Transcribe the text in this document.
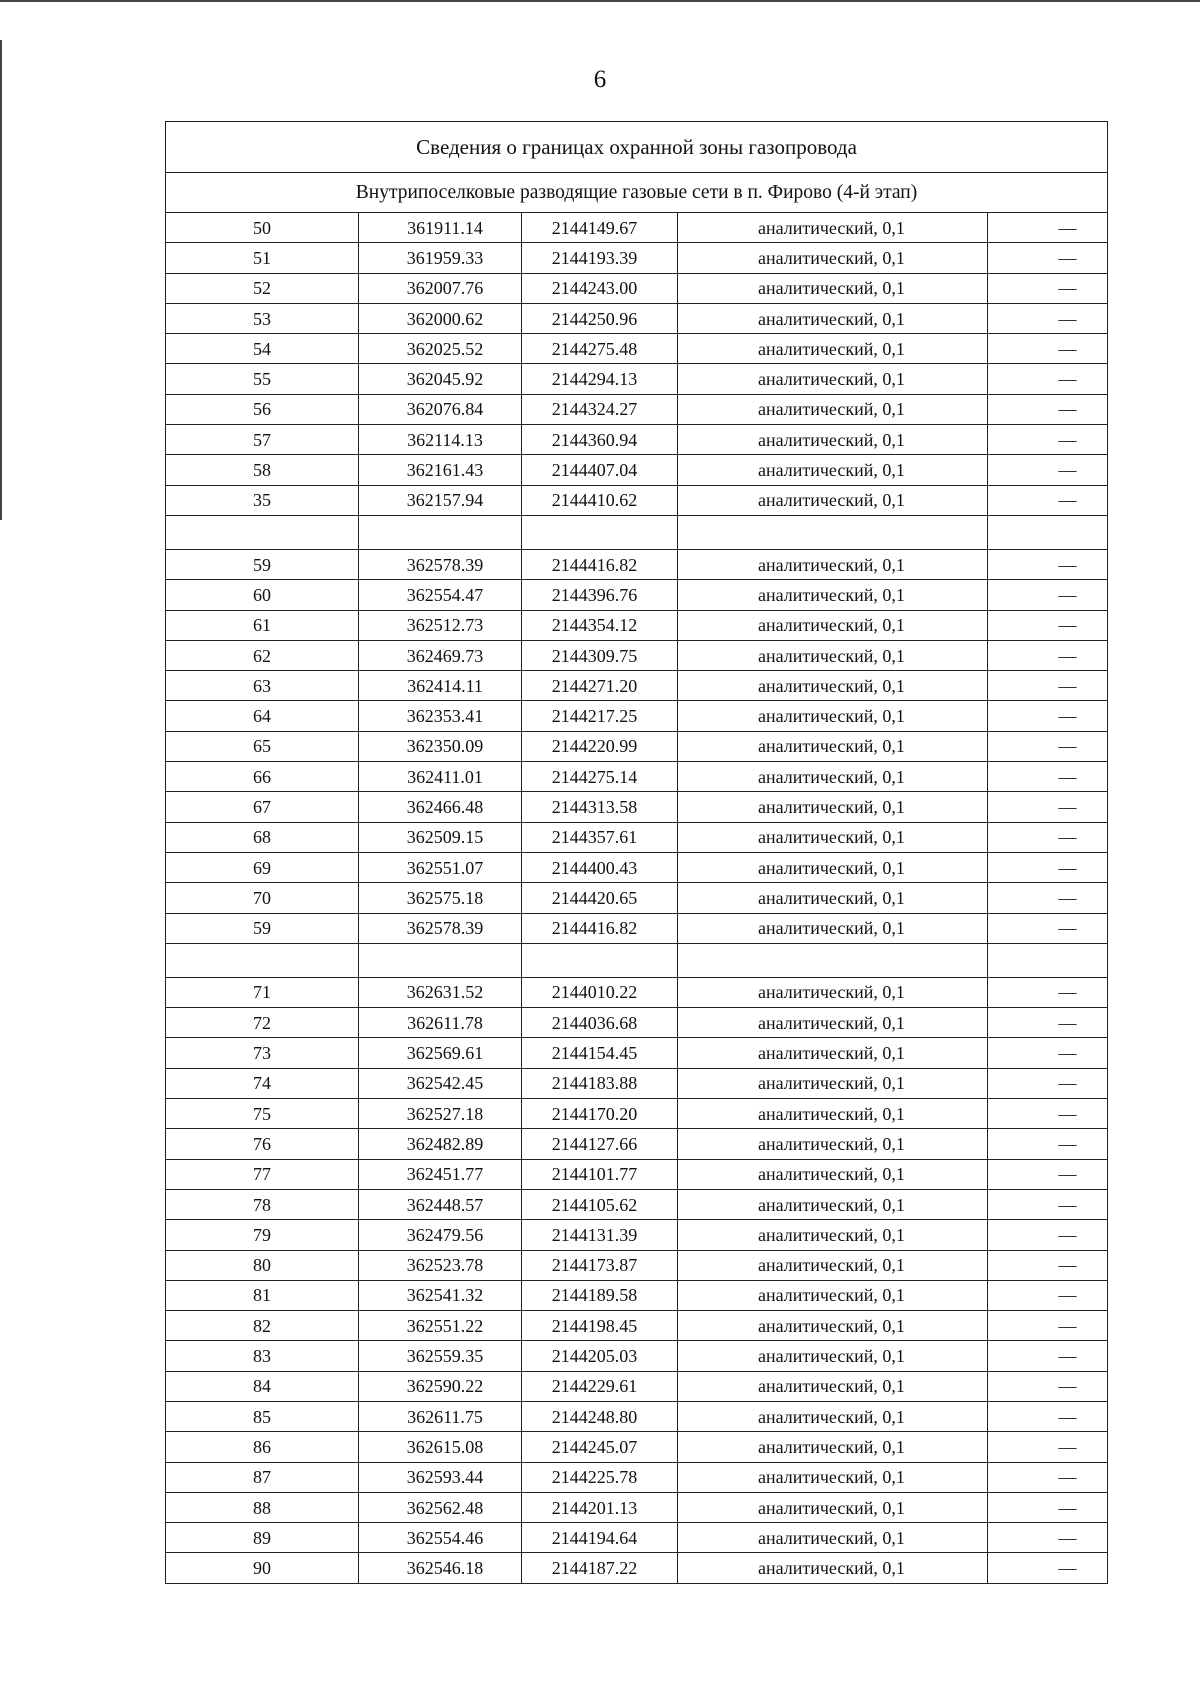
6
Сведения о границах охранной зоны газопровода				
Внутрипоселковые разводящие газовые сети в п. Фирово (4-й этап)				
50	361911.14	2144149.67	аналитический, 0,1	—
51	361959.33	2144193.39	аналитический, 0,1	—
52	362007.76	2144243.00	аналитический, 0,1	—
53	362000.62	2144250.96	аналитический, 0,1	—
54	362025.52	2144275.48	аналитический, 0,1	—
55	362045.92	2144294.13	аналитический, 0,1	—
56	362076.84	2144324.27	аналитический, 0,1	—
57	362114.13	2144360.94	аналитический, 0,1	—
58	362161.43	2144407.04	аналитический, 0,1	—
35	362157.94	2144410.62	аналитический, 0,1	—

59	362578.39	2144416.82	аналитический, 0,1	—
60	362554.47	2144396.76	аналитический, 0,1	—
61	362512.73	2144354.12	аналитический, 0,1	—
62	362469.73	2144309.75	аналитический, 0,1	—
63	362414.11	2144271.20	аналитический, 0,1	—
64	362353.41	2144217.25	аналитический, 0,1	—
65	362350.09	2144220.99	аналитический, 0,1	—
66	362411.01	2144275.14	аналитический, 0,1	—
67	362466.48	2144313.58	аналитический, 0,1	—
68	362509.15	2144357.61	аналитический, 0,1	—
69	362551.07	2144400.43	аналитический, 0,1	—
70	362575.18	2144420.65	аналитический, 0,1	—
59	362578.39	2144416.82	аналитический, 0,1	—

71	362631.52	2144010.22	аналитический, 0,1	—
72	362611.78	2144036.68	аналитический, 0,1	—
73	362569.61	2144154.45	аналитический, 0,1	—
74	362542.45	2144183.88	аналитический, 0,1	—
75	362527.18	2144170.20	аналитический, 0,1	—
76	362482.89	2144127.66	аналитический, 0,1	—
77	362451.77	2144101.77	аналитический, 0,1	—
78	362448.57	2144105.62	аналитический, 0,1	—
79	362479.56	2144131.39	аналитический, 0,1	—
80	362523.78	2144173.87	аналитический, 0,1	—
81	362541.32	2144189.58	аналитический, 0,1	—
82	362551.22	2144198.45	аналитический, 0,1	—
83	362559.35	2144205.03	аналитический, 0,1	—
84	362590.22	2144229.61	аналитический, 0,1	—
85	362611.75	2144248.80	аналитический, 0,1	—
86	362615.08	2144245.07	аналитический, 0,1	—
87	362593.44	2144225.78	аналитический, 0,1	—
88	362562.48	2144201.13	аналитический, 0,1	—
89	362554.46	2144194.64	аналитический, 0,1	—
90	362546.18	2144187.22	аналитический, 0,1	—
